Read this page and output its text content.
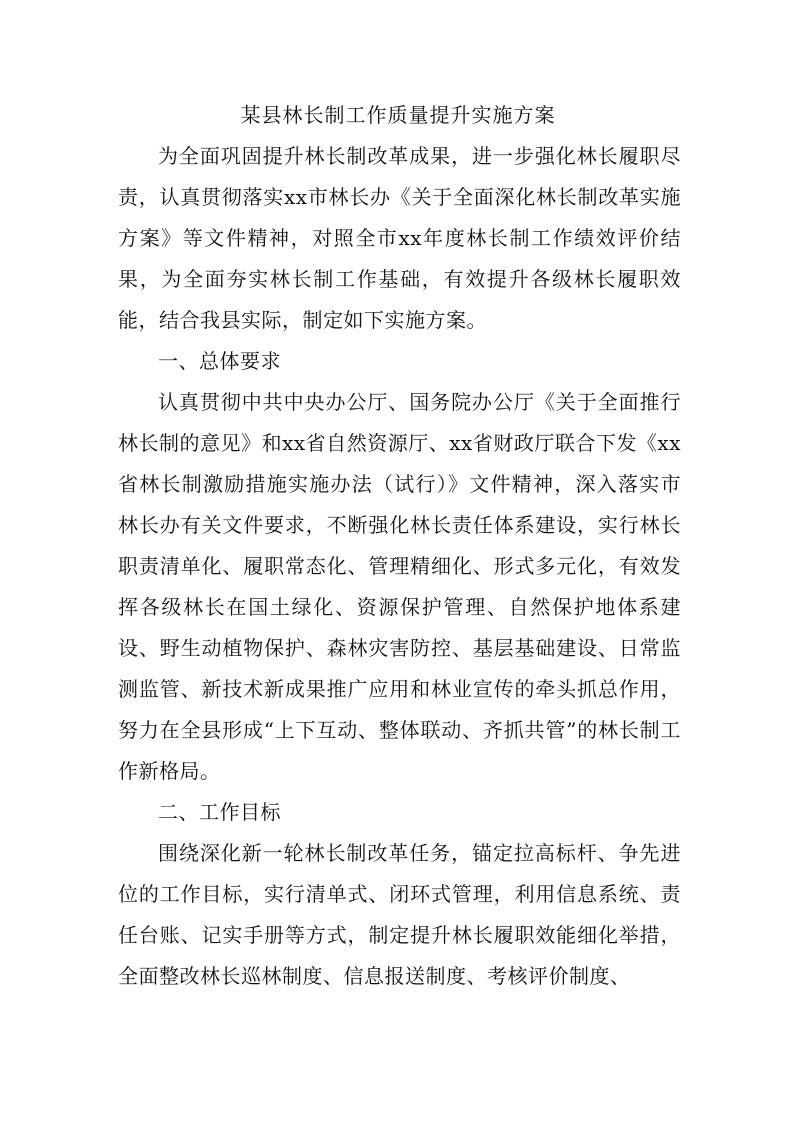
某县林长制工作质量提升实施方案

为全面巩固提升林长制改革成果，进一步强化林长履职尽责，认真贯彻落实xx市林长办《关于全面深化林长制改革实施方案》等文件精神，对照全市xx年度林长制工作绩效评价结果，为全面夯实林长制工作基础，有效提升各级林长履职效能，结合我县实际，制定如下实施方案。

一、总体要求

认真贯彻中共中央办公厅、国务院办公厅《关于全面推行林长制的意见》和xx省自然资源厅、xx省财政厅联合下发《xx省林长制激励措施实施办法（试行）》文件精神，深入落实市林长办有关文件要求，不断强化林长责任体系建设，实行林长职责清单化、履职常态化、管理精细化、形式多元化，有效发挥各级林长在国土绿化、资源保护管理、自然保护地体系建设、野生动植物保护、森林灾害防控、基层基础建设、日常监测监管、新技术新成果推广应用和林业宣传的牵头抓总作用，努力在全县形成“上下互动、整体联动、齐抓共管”的林长制工作新格局。

二、工作目标

围绕深化新一轮林长制改革任务，锚定拉高标杆、争先进位的工作目标，实行清单式、闭环式管理，利用信息系统、责任台账、记实手册等方式，制定提升林长履职效能细化举措，全面整改林长巡林制度、信息报送制度、考核评价制度、
